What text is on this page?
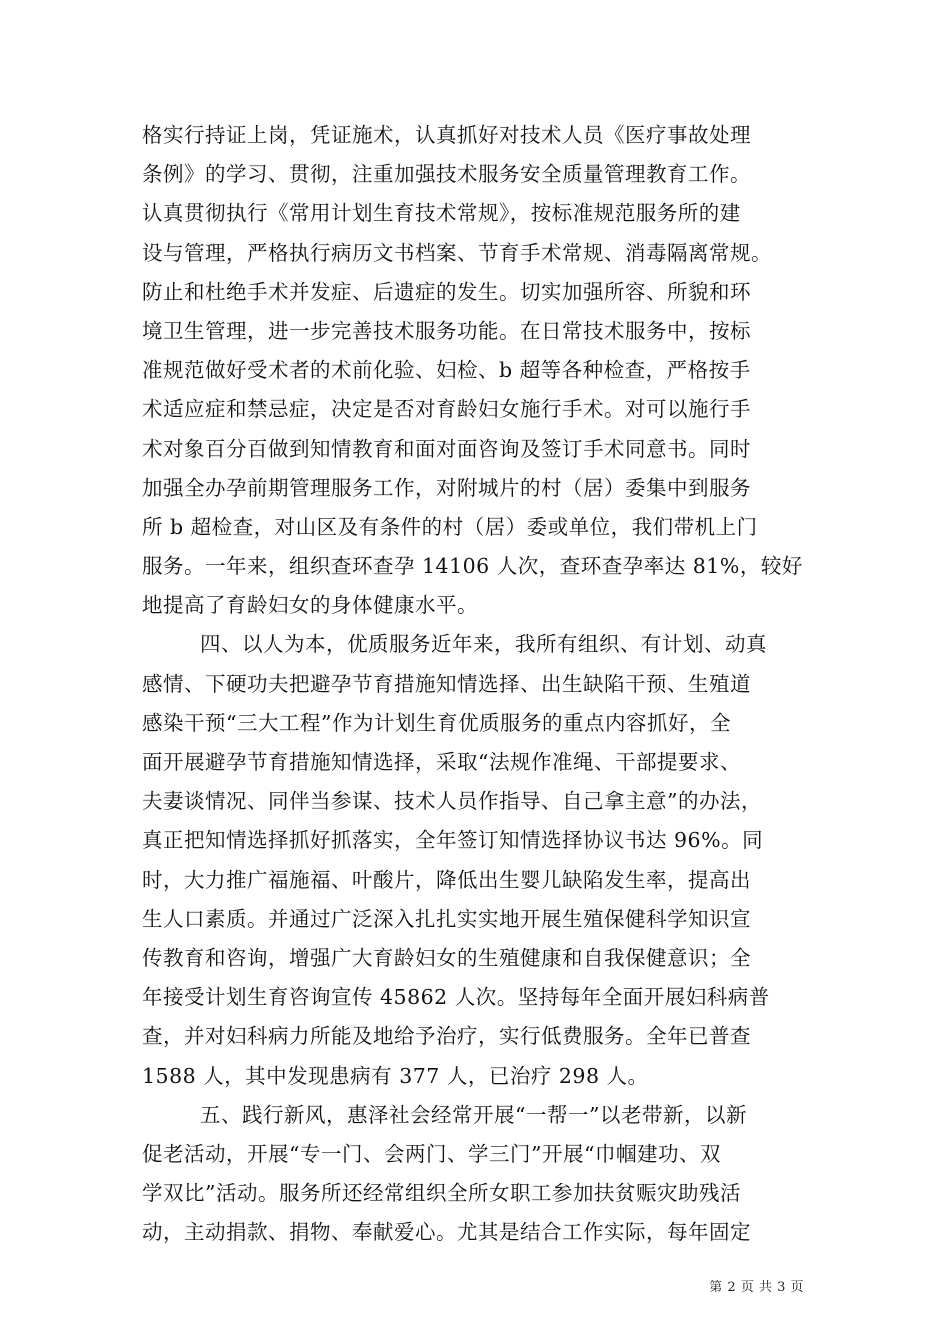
格实行持证上岗，凭证施术，认真抓好对技术人员《医疗事故处理
条例》的学习、贯彻，注重加强技术服务安全质量管理教育工作。
认真贯彻执行《常用计划生育技术常规》，按标准规范服务所的建
设与管理，严格执行病历文书档案、节育手术常规、消毒隔离常规。
防止和杜绝手术并发症、后遗症的发生。切实加强所容、所貌和环
境卫生管理，进一步完善技术服务功能。在日常技术服务中，按标
准规范做好受术者的术前化验、妇检、b 超等各种检查，严格按手
术适应症和禁忌症，决定是否对育龄妇女施行手术。对可以施行手
术对象百分百做到知情教育和面对面咨询及签订手术同意书。同时
加强全办孕前期管理服务工作，对附城片的村（居）委集中到服务
所 b 超检查，对山区及有条件的村（居）委或单位，我们带机上门
服务。一年来，组织查环查孕 14106 人次，查环查孕率达 81%，较好
地提高了育龄妇女的身体健康水平。
四、以人为本，优质服务近年来，我所有组织、有计划、动真
感情、下硬功夫把避孕节育措施知情选择、出生缺陷干预、生殖道
感染干预“三大工程”作为计划生育优质服务的重点内容抓好，全
面开展避孕节育措施知情选择，采取“法规作准绳、干部提要求、
夫妻谈情况、同伴当参谋、技术人员作指导、自己拿主意”的办法，
真正把知情选择抓好抓落实，全年签订知情选择协议书达 96%。同
时，大力推广福施福、叶酸片，降低出生婴儿缺陷发生率，提高出
生人口素质。并通过广泛深入扎扎实实地开展生殖保健科学知识宣
传教育和咨询，增强广大育龄妇女的生殖健康和自我保健意识；全
年接受计划生育咨询宣传 45862 人次。坚持每年全面开展妇科病普
查，并对妇科病力所能及地给予治疗，实行低费服务。全年已普查
1588 人，其中发现患病有 377 人，已治疗 298 人。
五、践行新风，惠泽社会经常开展“一帮一”以老带新，以新
促老活动，开展“专一门、会两门、学三门”开展“巾帼建功、双
学双比”活动。服务所还经常组织全所女职工参加扶贫赈灾助残活
动，主动捐款、捐物、奉献爱心。尤其是结合工作实际，每年固定
第 2 页 共 3 页
